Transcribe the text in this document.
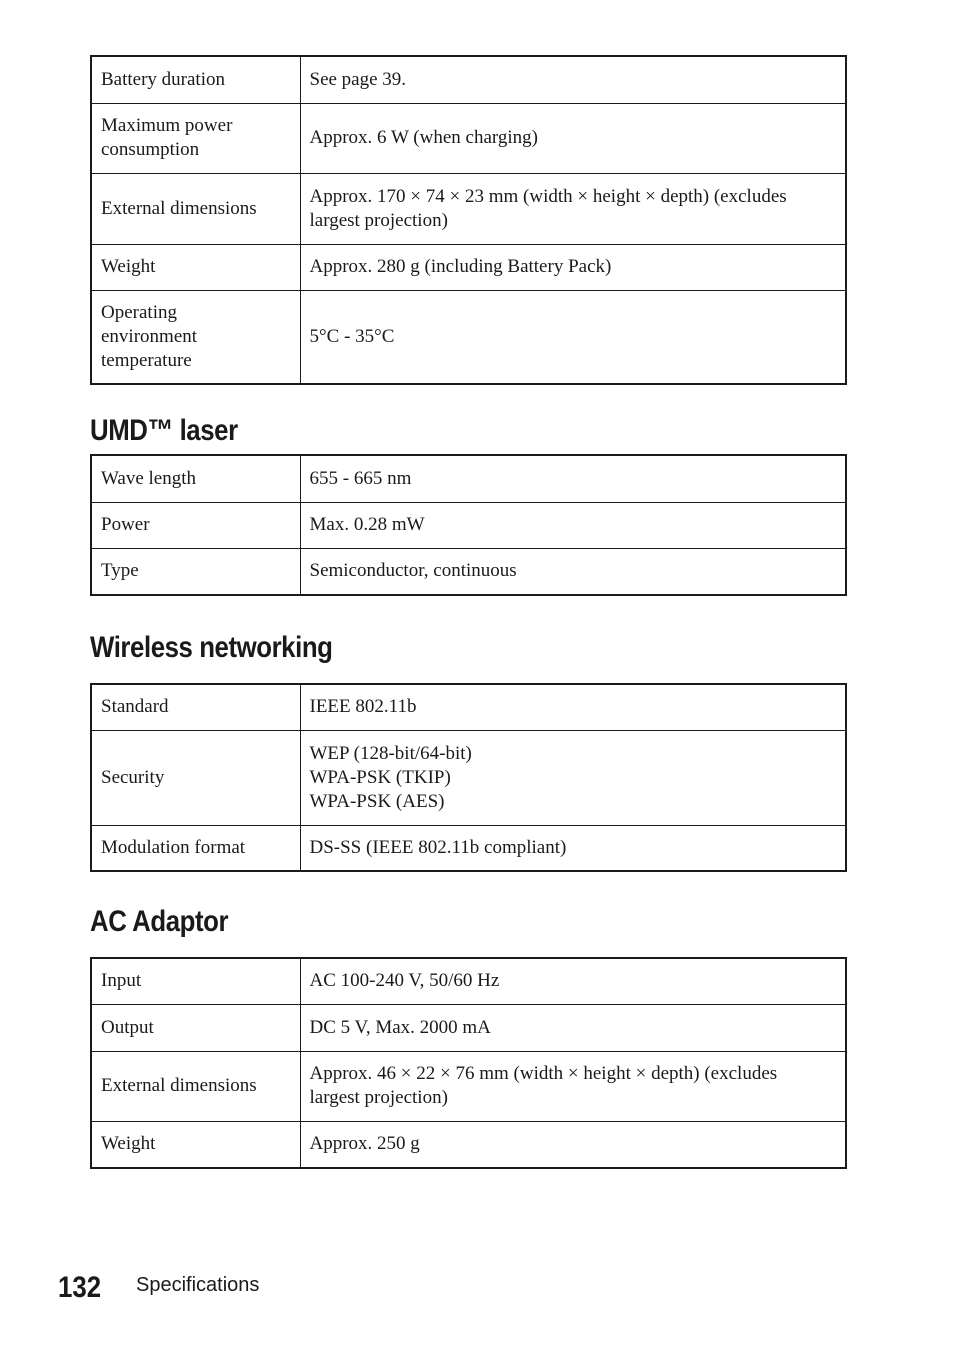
Battery duration	See page 39.
Maximum power
consumption	Approx. 6 W (when charging)
External dimensions	Approx. 170 × 74 × 23 mm (width × height × depth) (excludes
largest projection)
Weight	Approx. 280 g (including Battery Pack)
Operating
environment
temperature	5°C - 35°C
UMD™ laser
Wave length	655 - 665 nm
Power	Max. 0.28 mW
Type	Semiconductor, continuous
Wireless networking
Standard	IEEE 802.11b
Security	WEP (128-bit/64-bit)
WPA-PSK (TKIP)
WPA-PSK (AES)
Modulation format	DS-SS (IEEE 802.11b compliant)
AC Adaptor
Input	AC 100-240 V, 50/60 Hz
Output	DC 5 V, Max. 2000 mA
External dimensions	Approx. 46 × 22 × 76 mm (width × height × depth) (excludes
largest projection)
Weight	Approx. 250 g
132 Specifications
